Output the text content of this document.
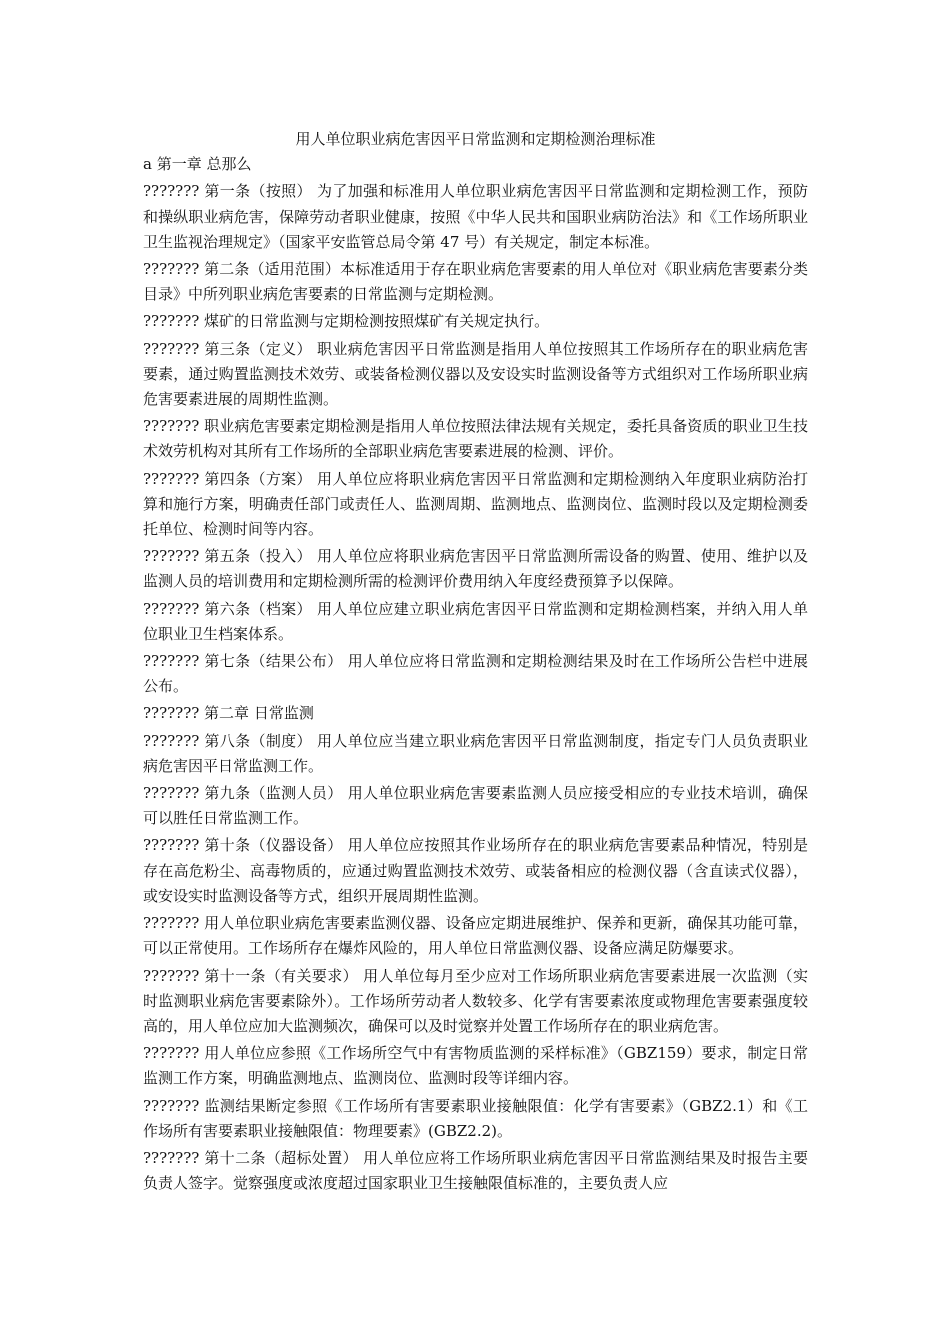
用人单位职业病危害因平日常监测和定期检测治理标准

a 第一章 总那么

??????? 第一条（按照） 为了加强和标准用人单位职业病危害因平日常监测和定期检测工作，预防和操纵职业病危害，保障劳动者职业健康，按照《中华人民共和国职业病防治法》和《工作场所职业卫生监视治理规定》（国家平安监管总局令第 47 号）有关规定，制定本标准。

??????? 第二条（适用范围）本标准适用于存在职业病危害要素的用人单位对《职业病危害要素分类目录》中所列职业病危害要素的日常监测与定期检测。

??????? 煤矿的日常监测与定期检测按照煤矿有关规定执行。

??????? 第三条（定义） 职业病危害因平日常监测是指用人单位按照其工作场所存在的职业病危害要素，通过购置监测技术效劳、或装备检测仪器以及安设实时监测设备等方式组织对工作场所职业病危害要素进展的周期性监测。

??????? 职业病危害要素定期检测是指用人单位按照法律法规有关规定，委托具备资质的职业卫生技术效劳机构对其所有工作场所的全部职业病危害要素进展的检测、评价。

??????? 第四条（方案） 用人单位应将职业病危害因平日常监测和定期检测纳入年度职业病防治打算和施行方案，明确责任部门或责任人、监测周期、监测地点、监测岗位、监测时段以及定期检测委托单位、检测时间等内容。

??????? 第五条（投入） 用人单位应将职业病危害因平日常监测所需设备的购置、使用、维护以及监测人员的培训费用和定期检测所需的检测评价费用纳入年度经费预算予以保障。

??????? 第六条（档案） 用人单位应建立职业病危害因平日常监测和定期检测档案，并纳入用人单位职业卫生档案体系。

??????? 第七条（结果公布） 用人单位应将日常监测和定期检测结果及时在工作场所公告栏中进展公布。

??????? 第二章 日常监测

??????? 第八条（制度） 用人单位应当建立职业病危害因平日常监测制度，指定专门人员负责职业病危害因平日常监测工作。

??????? 第九条（监测人员） 用人单位职业病危害要素监测人员应接受相应的专业技术培训，确保可以胜任日常监测工作。

??????? 第十条（仪器设备） 用人单位应按照其作业场所存在的职业病危害要素品种情况，特别是存在高危粉尘、高毒物质的，应通过购置监测技术效劳、或装备相应的检测仪器（含直读式仪器），或安设实时监测设备等方式，组织开展周期性监测。

??????? 用人单位职业病危害要素监测仪器、设备应定期进展维护、保养和更新，确保其功能可靠，可以正常使用。工作场所存在爆炸风险的，用人单位日常监测仪器、设备应满足防爆要求。

??????? 第十一条（有关要求） 用人单位每月至少应对工作场所职业病危害要素进展一次监测（实时监测职业病危害要素除外）。工作场所劳动者人数较多、化学有害要素浓度或物理危害要素强度较高的，用人单位应加大监测频次，确保可以及时觉察并处置工作场所存在的职业病危害。

??????? 用人单位应参照《工作场所空气中有害物质监测的采样标准》（GBZ159）要求，制定日常监测工作方案，明确监测地点、监测岗位、监测时段等详细内容。

??????? 监测结果断定参照《工作场所有害要素职业接触限值：化学有害要素》（GBZ2.1）和《工作场所有害要素职业接触限值：物理要素》(GBZ2.2)。

??????? 第十二条（超标处置） 用人单位应将工作场所职业病危害因平日常监测结果及时报告主要负责人签字。觉察强度或浓度超过国家职业卫生接触限值标准的，主要负责人应
